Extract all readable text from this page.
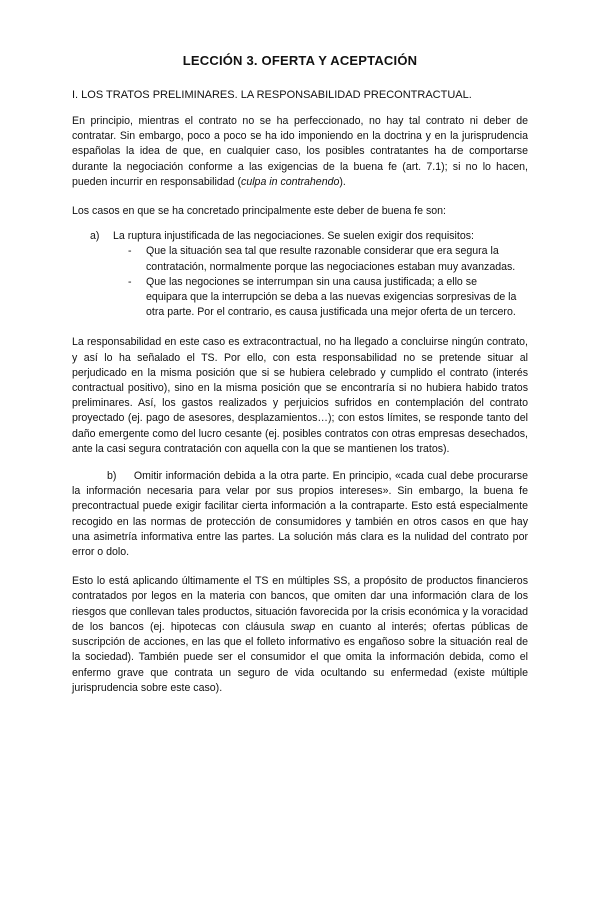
LECCIÓN 3. OFERTA Y ACEPTACIÓN
I. LOS TRATOS PRELIMINARES. LA RESPONSABILIDAD PRECONTRACTUAL.

En principio, mientras el contrato no se ha perfeccionado, no hay tal contrato ni deber de contratar. Sin embargo, poco a poco se ha ido imponiendo en la doctrina y en la jurisprudencia españolas la idea de que, en cualquier caso, los posibles contratantes ha de comportarse durante la negociación conforme a las exigencias de la buena fe (art. 7.1); si no lo hacen, pueden incurrir en responsabilidad (culpa in contrahendo).

Los casos en que se ha concretado principalmente este deber de buena fe son:

a)	La ruptura injustificada de las negociaciones. Se suelen exigir dos requisitos:
-	Que la situación sea tal que resulte razonable considerar que era segura la contratación, normalmente porque las negociaciones estaban muy avanzadas.
-	Que las negociones se interrumpan sin una causa justificada; a ello se equipara que la interrupción se deba a las nuevas exigencias sorpresivas de la otra parte. Por el contrario, es causa justificada una mejor oferta de un tercero.

La responsabilidad en este caso es extracontractual, no ha llegado a concluirse ningún contrato, y así lo ha señalado el TS. Por ello, con esta responsabilidad no se pretende situar al perjudicado en la misma posición que si se hubiera celebrado y cumplido el contrato (interés contractual positivo), sino en la misma posición que se encontraría si no hubiera habido tratos preliminares. Así, los gastos realizados y perjuicios sufridos en contemplación del contrato proyectado (ej. pago de asesores, desplazamientos…); con estos límites, se responde tanto del daño emergente como del lucro cesante (ej. posibles contratos con otras empresas desechados, ante la casi segura contratación con aquella con la que se mantienen los tratos).

b)     Omitir información debida a la otra parte. En principio, «cada cual debe procurarse la información necesaria para velar por sus propios intereses». Sin embargo, la buena fe precontractual puede exigir facilitar cierta información a la contraparte. Esto está especialmente recogido en las normas de protección de consumidores y también en otros casos en que hay una asimetría informativa entre las partes. La solución más clara es la nulidad del contrato por error o dolo.

Esto lo está aplicando últimamente el TS en múltiples SS, a propósito de productos financieros contratados por legos en la materia con bancos, que omiten dar una información clara de los riesgos que conllevan tales productos, situación favorecida por la crisis económica y la voracidad de los bancos (ej. hipotecas con cláusula swap en cuanto al interés; ofertas públicas de suscripción de acciones, en las que el folleto informativo es engañoso sobre la situación real de la sociedad). También puede ser el consumidor el que omita la información debida, como el enfermo grave que contrata un seguro de vida ocultando su enfermedad (existe múltiple jurisprudencia sobre este caso).
